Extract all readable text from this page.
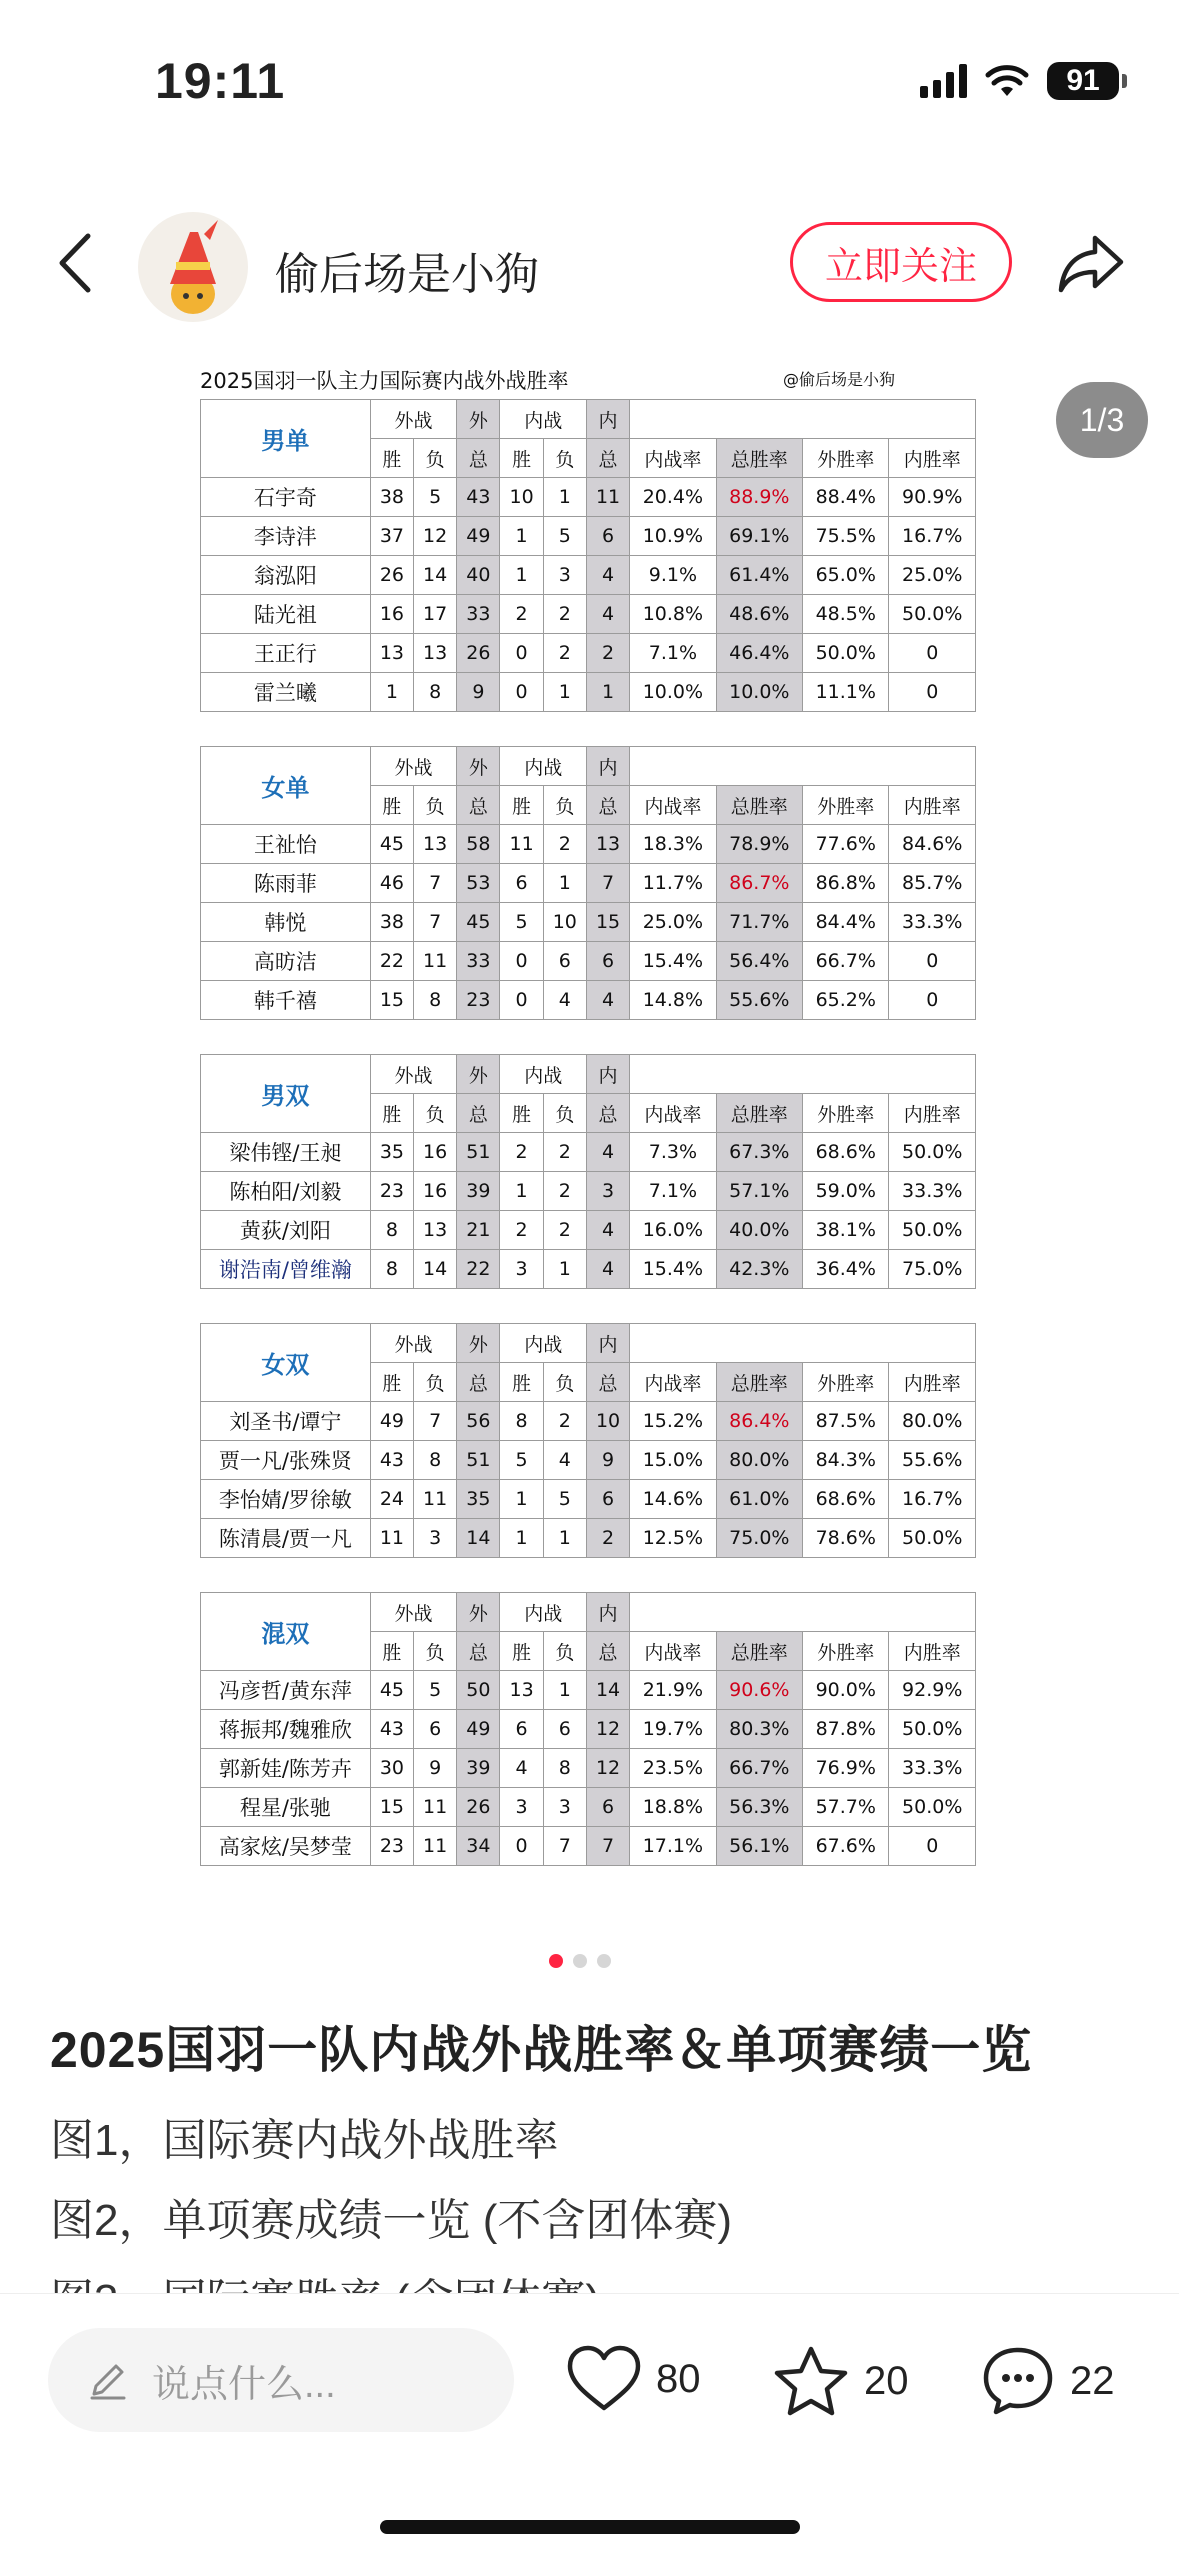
19:11	91
偷后场是小狗	立即关注
1/3
2025国羽一队主力国际赛内战外战胜率	@偷后场是小狗
男单	外战		外	内战		内				
	胜	负	总	胜	负	总	内战率	总胜率	外胜率	内胜率
石宇奇	38	5	43	10	1	11	20.4%	88.9%	88.4%	90.9%
李诗沣	37	12	49	1	5	6	10.9%	69.1%	75.5%	16.7%
翁泓阳	26	14	40	1	3	4	9.1%	61.4%	65.0%	25.0%
陆光祖	16	17	33	2	2	4	10.8%	48.6%	48.5%	50.0%
王正行	13	13	26	0	2	2	7.1%	46.4%	50.0%	0
雷兰曦	1	8	9	0	1	1	10.0%	10.0%	11.1%	0
女单	外战		外	内战		内				
	胜	负	总	胜	负	总	内战率	总胜率	外胜率	内胜率
王祉怡	45	13	58	11	2	13	18.3%	78.9%	77.6%	84.6%
陈雨菲	46	7	53	6	1	7	11.7%	86.7%	86.8%	85.7%
韩悦	38	7	45	5	10	15	25.0%	71.7%	84.4%	33.3%
高昉洁	22	11	33	0	6	6	15.4%	56.4%	66.7%	0
韩千禧	15	8	23	0	4	4	14.8%	55.6%	65.2%	0
男双	外战		外	内战		内				
	胜	负	总	胜	负	总	内战率	总胜率	外胜率	内胜率
梁伟铿/王昶	35	16	51	2	2	4	7.3%	67.3%	68.6%	50.0%
陈柏阳/刘毅	23	16	39	1	2	3	7.1%	57.1%	59.0%	33.3%
黄荻/刘阳	8	13	21	2	2	4	16.0%	40.0%	38.1%	50.0%
谢浩南/曾维瀚	8	14	22	3	1	4	15.4%	42.3%	36.4%	75.0%
女双	外战		外	内战		内				
	胜	负	总	胜	负	总	内战率	总胜率	外胜率	内胜率
刘圣书/谭宁	49	7	56	8	2	10	15.2%	86.4%	87.5%	80.0%
贾一凡/张殊贤	43	8	51	5	4	9	15.0%	80.0%	84.3%	55.6%
李怡婧/罗徐敏	24	11	35	1	5	6	14.6%	61.0%	68.6%	16.7%
陈清晨/贾一凡	11	3	14	1	1	2	12.5%	75.0%	78.6%	50.0%
混双	外战		外	内战		内				
	胜	负	总	胜	负	总	内战率	总胜率	外胜率	内胜率
冯彦哲/黄东萍	45	5	50	13	1	14	21.9%	90.6%	90.0%	92.9%
蒋振邦/魏雅欣	43	6	49	6	6	12	19.7%	80.3%	87.8%	50.0%
郭新娃/陈芳卉	30	9	39	4	8	12	23.5%	66.7%	76.9%	33.3%
程星/张驰	15	11	26	3	3	6	18.8%	56.3%	57.7%	50.0%
高家炫/吴梦莹	23	11	34	0	7	7	17.1%	56.1%	67.6%	0
2025国羽一队内战外战胜率＆单项赛绩一览
图1，国际赛内战外战胜率
图2，单项赛成绩一览 (不含团体赛)
说点什么...	80	20	22
